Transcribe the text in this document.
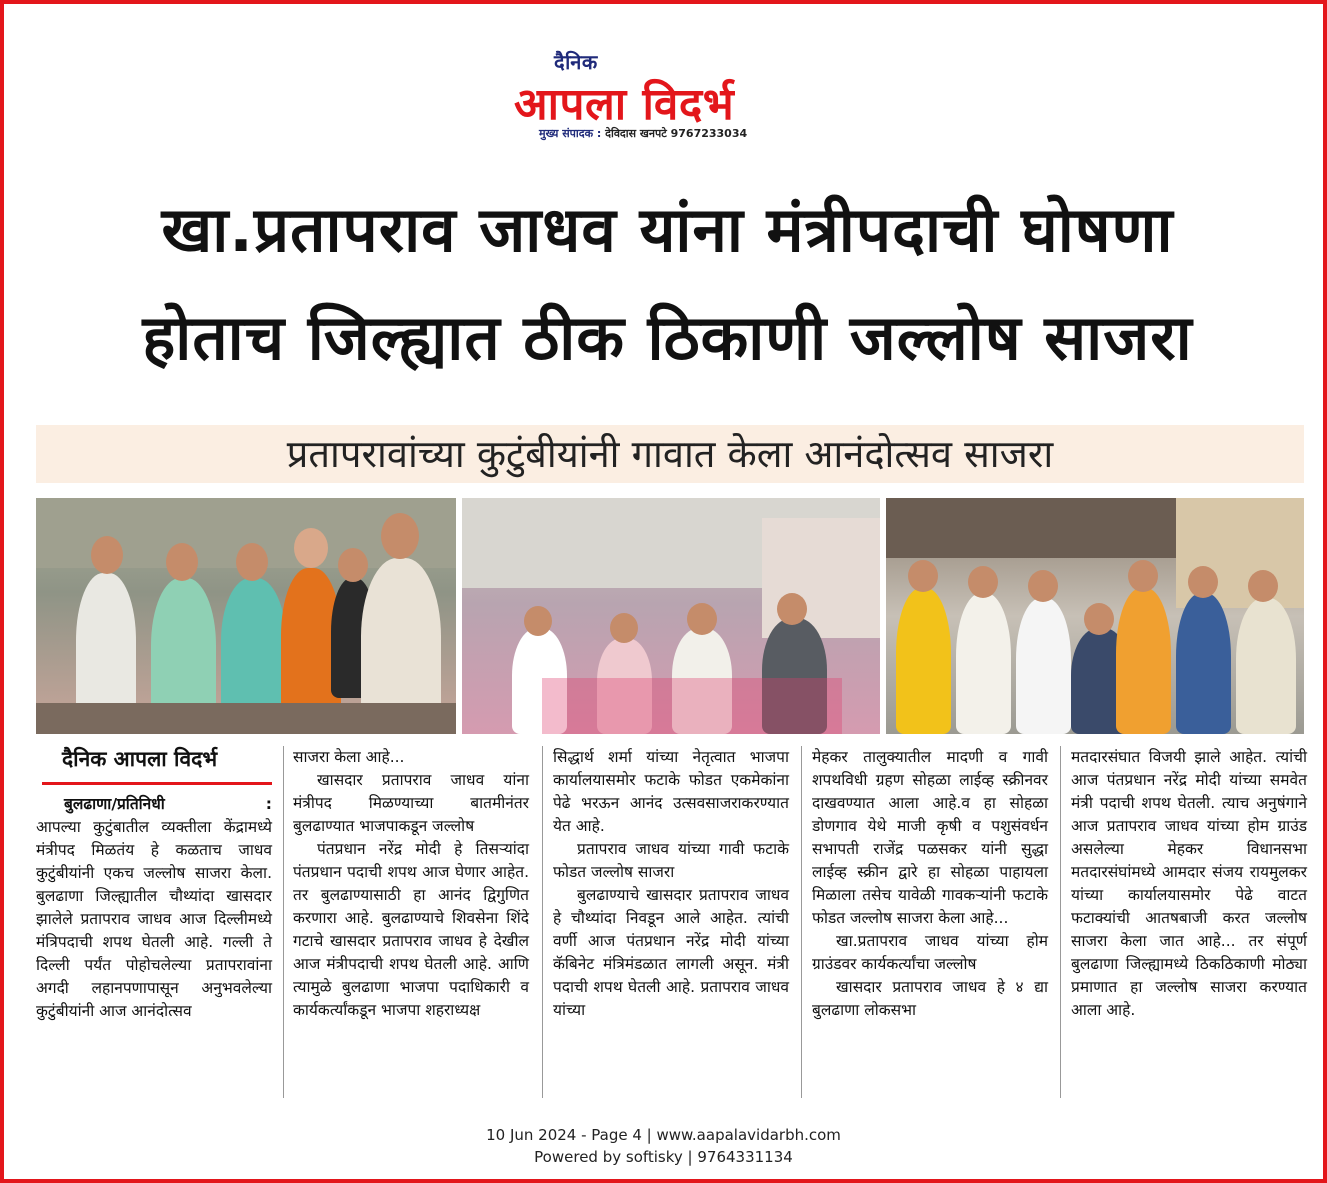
दैनिक
आपला विदर्भ
मुख्य संपादक : देविदास खनपटे 9767233034
खा.प्रतापराव जाधव यांना मंत्रीपदाची घोषणा
होताच जिल्ह्यात ठीक ठिकाणी जल्लोष साजरा
प्रतापरावांच्या कुटुंबीयांनी गावात केला आनंदोत्सव साजरा
दैनिक आपला विदर्भ
बुलढाणा/प्रतिनिधी	:

आपल्या कुटुंबातील व्यक्तीला केंद्रामध्ये मंत्रीपद मिळतंय हे कळताच जाधव कुटुंबीयांनी एकच जल्लोष साजरा केला. बुलढाणा जिल्ह्यातील चौथ्यांदा खासदार झालेले प्रतापराव जाधव आज दिल्लीमध्ये मंत्रिपदाची शपथ घेतली आहे. गल्ली ते दिल्ली पर्यंत पोहोचलेल्या प्रतापरावांना अगदी लहानपणापासून अनुभवलेल्या कुटुंबीयांनी आज आनंदोत्सव

साजरा केला आहे...

खासदार प्रतापराव जाधव यांना मंत्रीपद मिळण्याच्या बातमीनंतर बुलढाण्यात भाजपाकडून जल्लोष

पंतप्रधान नरेंद्र मोदी हे तिसऱ्यांदा पंतप्रधान पदाची शपथ आज घेणार आहेत. तर बुलढाण्यासाठी हा आनंद द्विगुणित करणारा आहे. बुलढाण्याचे शिवसेना शिंदे गटाचे खासदार प्रतापराव जाधव हे देखील आज मंत्रीपदाची शपथ घेतली आहे. आणि त्यामुळे बुलढाणा भाजपा पदाधिकारी व कार्यकर्त्यांकडून भाजपा शहराध्यक्ष

सिद्धार्थ शर्मा यांच्या नेतृत्वात भाजपा कार्यालयासमोर फटाके फोडत एकमेकांना पेढे भरऊन आनंद उत्सवसाजराकरण्यात येत आहे.

प्रतापराव जाधव यांच्या गावी फटाके फोडत जल्लोष साजरा

बुलढाण्याचे खासदार प्रतापराव जाधव हे चौथ्यांदा निवडून आले आहेत. त्यांची वर्णी आज पंतप्रधान नरेंद्र मोदी यांच्या कॅबिनेट मंत्रिमंडळात लागली असून. मंत्री पदाची शपथ घेतली आहे. प्रतापराव जाधव यांच्या

मेहकर तालुक्यातील मादणी व गावी शपथविधी ग्रहण सोहळा लाईव्ह स्क्रीनवर दाखवण्यात आला आहे.व हा सोहळा डोणगाव येथे माजी कृषी व पशुसंवर्धन सभापती राजेंद्र पळसकर यांनी सुद्धा लाईव्ह स्क्रीन द्वारे हा सोहळा पाहायला मिळाला तसेच यावेळी गावकऱ्यांनी फटाके फोडत जल्लोष साजरा केला आहे...

खा.प्रतापराव जाधव यांच्या होम ग्राउंडवर कार्यकर्त्यांचा जल्लोष

खासदार प्रतापराव जाधव हे ४ द्या बुलढाणा लोकसभा

मतदारसंघात विजयी झाले आहेत. त्यांची आज पंतप्रधान नरेंद्र मोदी यांच्या समवेत मंत्री पदाची शपथ घेतली. त्याच अनुषंगाने आज प्रतापराव जाधव यांच्या होम ग्राउंड असलेल्या मेहकर विधानसभा मतदारसंघांमध्ये आमदार संजय रायमुलकर यांच्या कार्यालयासमोर पेढे वाटत फटाक्यांची आतषबाजी करत जल्लोष साजरा केला जात आहे... तर संपूर्ण बुलढाणा जिल्ह्यामध्ये ठिकठिकाणी मोठ्या प्रमाणात हा जल्लोष साजरा करण्यात आला आहे.

10 Jun 2024 - Page 4 | www.aapalavidarbh.com
Powered by softisky | 9764331134
